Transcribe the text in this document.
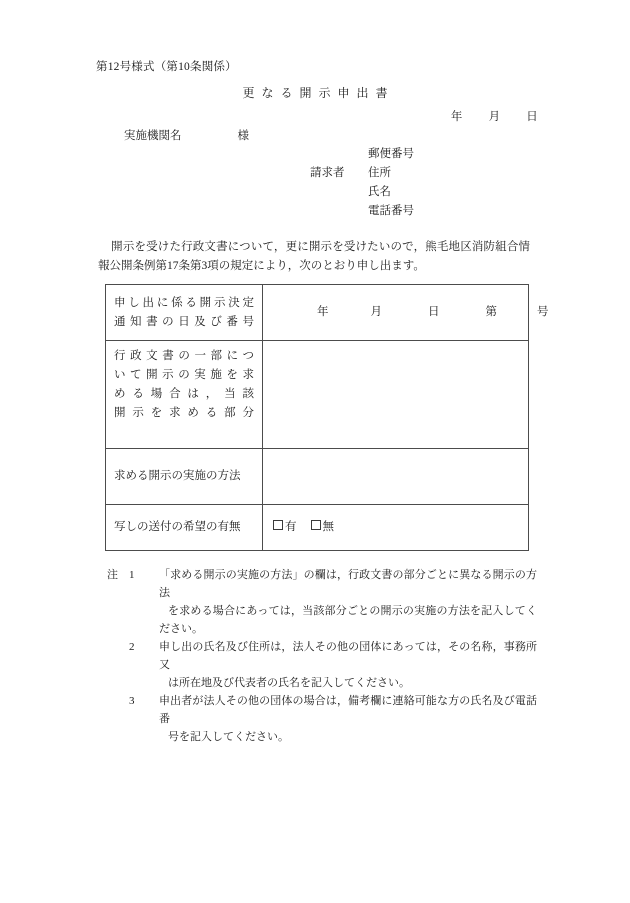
第12号様式（第10条関係）
更なる開示申出書
年 月 日
実施機関名	様
郵便番号
請求者	住所
氏名
電話番号
開示を受けた行政文書について，更に開示を受けたいので，熊毛地区消防組合情報公開条例第17条第3項の規定により，次のとおり申し出ます。
申し出に係る開示決定
通知書の日及び番号	年 月 日 第 号

行政文書の一部につ
いて開示の実施を求
める場合は，当該
開示を求める部分	

求める開示の実施の方法	
写しの送付の希望の有無	有 無
注	1	「求める開示の実施の方法」の欄は，行政文書の部分ごとに異なる開示の方法
を求める場合にあっては，当該部分ごとの開示の実施の方法を記入してください。
2	申し出の氏名及び住所は，法人その他の団体にあっては，その名称，事務所又
は所在地及び代表者の氏名を記入してください。
3	申出者が法人その他の団体の場合は，備考欄に連絡可能な方の氏名及び電話番
号を記入してください。
